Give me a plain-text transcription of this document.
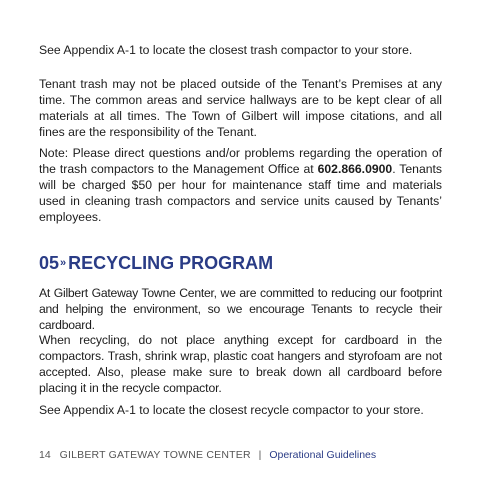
See Appendix A-1 to locate the closest trash compactor to your store.

Tenant trash may not be placed outside of the Tenant’s Premises at any time. The common areas and service hallways are to be kept clear of all materials at all times. The Town of Gilbert will impose citations, and all fines are the responsibility of the Tenant.

Note: Please direct questions and/or problems regarding the operation of the trash compactors to the Management Office at 602.866.0900. Tenants will be charged $50 per hour for maintenance staff time and materials used in cleaning trash compactors and service units caused by Tenants’ employees.

05» RECYCLING PROGRAM

At Gilbert Gateway Towne Center, we are committed to reducing our footprint and helping the environment, so we encourage Tenants to recycle their cardboard.

When recycling, do not place anything except for cardboard in the compactors. Trash, shrink wrap, plastic coat hangers and styrofoam are not accepted. Also, please make sure to break down all cardboard before placing it in the recycle compactor.

See Appendix A-1 to locate the closest recycle compactor to your store.

14 GILBERT GATEWAY TOWNE CENTER | Operational Guidelines
